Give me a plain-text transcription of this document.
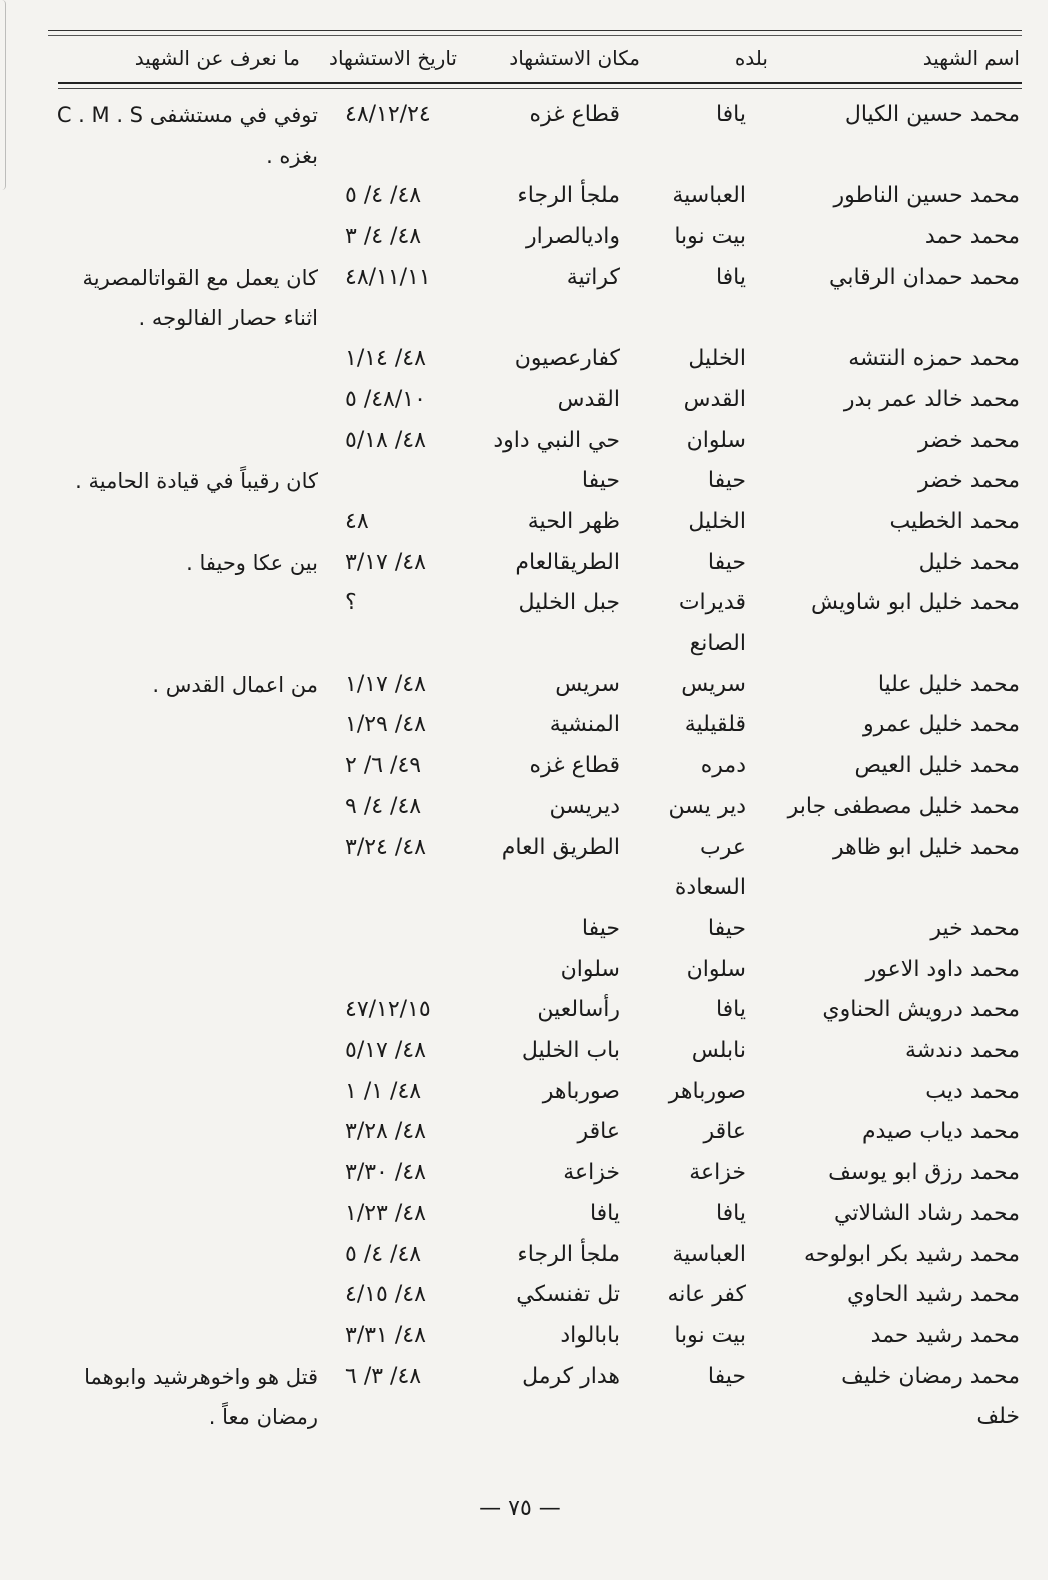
اسم الشهيد
بلده
مكان الاستشهاد
تاريخ الاستشهاد
ما نعرف عن الشهيد
محمد حسين الكيال
يافا
قطاع غزه
٤٨/١٢/٢٤
توفي في مستشفى C . M . S
بغزه .
محمد حسين الناطور
العباسية
ملجأ الرجاء
٤٨/ ٤/ ٥
محمد حمد
بيت نوبا
واديالصرار
٤٨/ ٤/ ٣
محمد حمدان الرقابي
يافا
كراتية
٤٨/١١/١١
كان يعمل مع القواتالمصرية
اثناء حصار الفالوجه .
محمد حمزه النتشه
الخليل
كفارعصيون
٤٨/ ١/١٤
محمد خالد عمر بدر
القدس
القدس
٤٨/١٠/ ٥
محمد خضر
سلوان
حي النبي داود
٤٨/ ٥/١٨
محمد خضر
حيفا
حيفا
كان رقيباً في قيادة الحامية .
محمد الخطيب
الخليل
ظهر الحية
٤٨
محمد خليل
حيفا
الطريقالعام
٤٨/ ٣/١٧
بين عكا وحيفا .
محمد خليل ابو شاويش
قديرات
الصانع
جبل الخليل
؟
محمد خليل عليا
سريس
سريس
٤٨/ ١/١٧
من اعمال القدس .
محمد خليل عمرو
قلقيلية
المنشية
٤٨/ ١/٢٩
محمد خليل العيص
دمره
قطاع غزه
٤٩/ ٦/ ٢
محمد خليل مصطفى جابر
دير يسن
ديريسن
٤٨/ ٤/ ٩
محمد خليل ابو ظاهر
عرب
السعادة
الطريق العام
٤٨/ ٣/٢٤
محمد خير
حيفا
حيفا
محمد داود الاعور
سلوان
سلوان
محمد درويش الحناوي
يافا
رأسالعين
٤٧/١٢/١٥
محمد دندشة
نابلس
باب الخليل
٤٨/ ٥/١٧
محمد ديب
صورباهر
صورباهر
٤٨/ ١/ ١
محمد دياب صيدم
عاقر
عاقر
٤٨/ ٣/٢٨
محمد رزق ابو يوسف
خزاعة
خزاعة
٤٨/ ٣/٣٠
محمد رشاد الشالاتي
يافا
يافا
٤٨/ ١/٢٣
محمد رشيد بكر ابولوحه
العباسية
ملجأ الرجاء
٤٨/ ٤/ ٥
محمد رشيد الحاوي
كفر عانه
تل تفنسكي
٤٨/ ٤/١٥
محمد رشيد حمد
بيت نوبا
بابالواد
٤٨/ ٣/٣١
محمد رمضان خليف
خلف
حيفا
هدار كرمل
٤٨/ ٣/ ٦
قتل هو واخوهرشيد وابوهما
رمضان معاً .
— ٧٥ —
